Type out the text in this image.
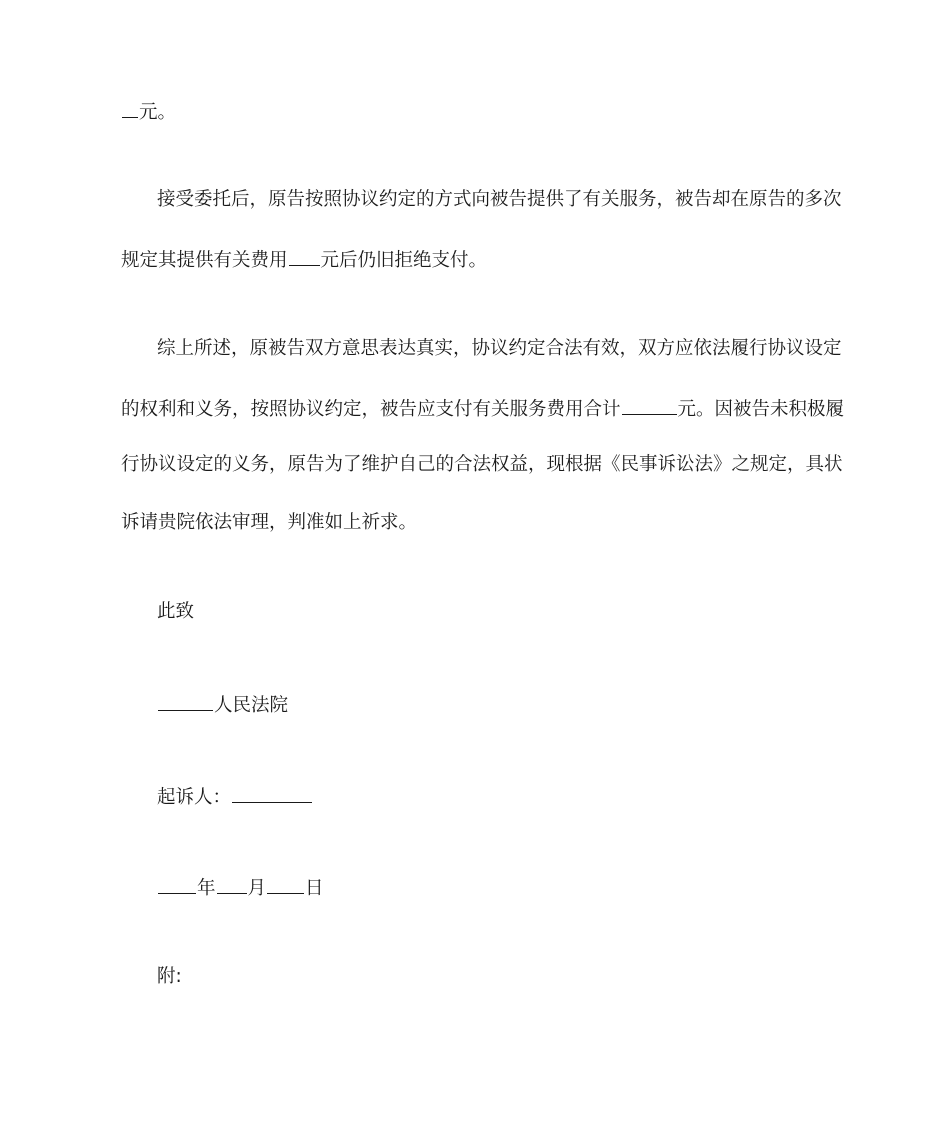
元。
接受委托后，原告按照协议约定的方式向被告提供了有关服务，被告却在原告的多次
规定其提供有关费用 元后仍旧拒绝支付。
综上所述，原被告双方意思表达真实，协议约定合法有效，双方应依法履行协议设定
的权利和义务，按照协议约定，被告应支付有关服务费用合计	元。因被告未积极履
行协议设定的义务，原告为了维护自己的合法权益，现根据《民事诉讼法》之规定，具状
诉请贵院依法审理，判准如上祈求。
此致
人民法院
起诉人：
年 月 日
附:
